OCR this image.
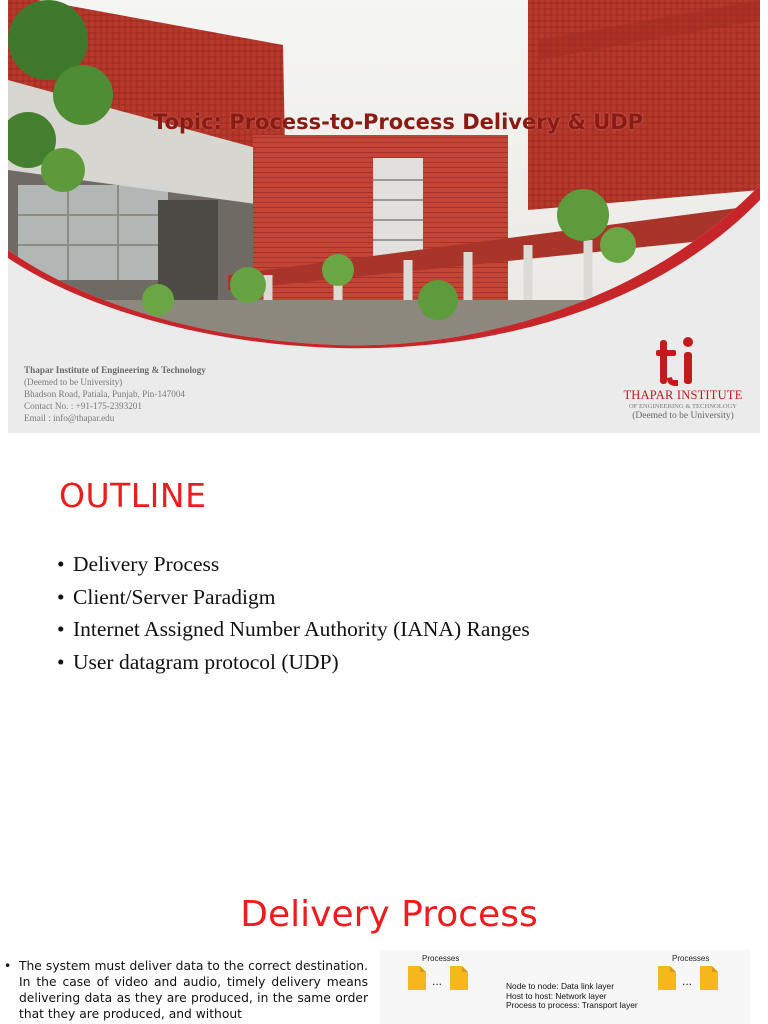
Topic: Process-to-Process Delivery & UDP
Thapar Institute of Engineering & Technology
(Deemed to be University)
Bhadson Road, Patiala, Punjab, Pin-147004
Contact No. : +91-175-2393201
Email : info@thapar.edu
THAPAR INSTITUTE
OF ENGINEERING & TECHNOLOGY
(Deemed to be University)
OUTLINE
• Delivery Process
• Client/Server Paradigm
• Internet Assigned Number Authority (IANA) Ranges
• User datagram protocol (UDP)
Delivery Process
• The system must deliver data to the correct destination. In the case of video and audio, timely delivery means delivering data as they are produced, in the same order that they are produced, and without
Processes
...	Node to node: Data link layer
Host to host: Network layer
Process to process: Transport layer
Processes
...
